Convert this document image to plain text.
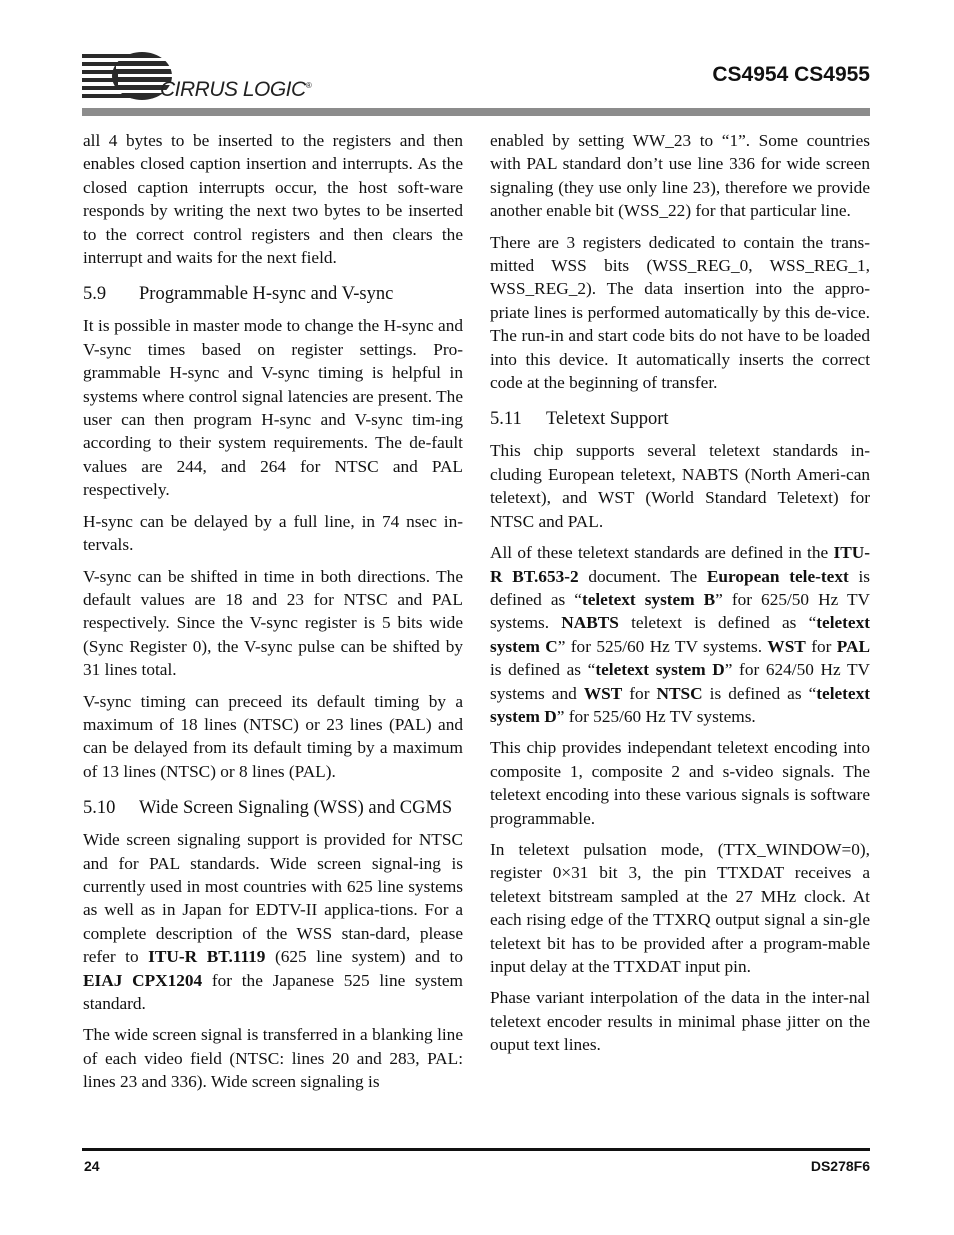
CIRRUS LOGIC®	CS4954 CS4955

all 4 bytes to be inserted to the registers and then enables closed caption insertion and interrupts. As the closed caption interrupts occur, the host soft-ware responds by writing the next two bytes to be inserted to the correct control registers and then clears the interrupt and waits for the next field.

5.9	Programmable H-sync and V-sync

It is possible in master mode to change the H-sync and V-sync times based on register settings. Pro-grammable H-sync and V-sync timing is helpful in systems where control signal latencies are present. The user can then program H-sync and V-sync tim-ing according to their system requirements. The de-fault values are 244, and 264 for NTSC and PAL respectively.

H-sync can be delayed by a full line, in 74 nsec in-tervals.

V-sync can be shifted in time in both directions. The default values are 18 and 23 for NTSC and PAL respectively. Since the V-sync register is 5 bits wide (Sync Register 0), the V-sync pulse can be shifted by 31 lines total.

V-sync timing can preceed its default timing by a maximum of 18 lines (NTSC) or 23 lines (PAL) and can be delayed from its default timing by a maximum of 13 lines (NTSC) or 8 lines (PAL).

5.10	Wide Screen Signaling (WSS) and CGMS

Wide screen signaling support is provided for NTSC and for PAL standards. Wide screen signal-ing is currently used in most countries with 625 line systems as well as in Japan for EDTV-II applica-tions. For a complete description of the WSS stan-dard, please refer to ITU-R BT.1119 (625 line system) and to EIAJ CPX1204 for the Japanese 525 line system standard.

The wide screen signal is transferred in a blanking line of each video field (NTSC: lines 20 and 283, PAL: lines 23 and 336). Wide screen signaling is

enabled by setting WW_23 to “1”. Some countries with PAL standard don’t use line 336 for wide screen signaling (they use only line 23), therefore we provide another enable bit (WSS_22) for that particular line.

There are 3 registers dedicated to contain the trans-mitted WSS bits (WSS_REG_0, WSS_REG_1, WSS_REG_2). The data insertion into the appro-priate lines is performed automatically by this de-vice. The run-in and start code bits do not have to be loaded into this device. It automatically inserts the correct code at the beginning of transfer.

5.11	Teletext Support

This chip supports several teletext standards in-cluding European teletext, NABTS (North Ameri-can teletext), and WST (World Standard Teletext) for NTSC and PAL.

All of these teletext standards are defined in the ITU-R BT.653-2 document. The European tele-text is defined as “teletext system B” for 625/50 Hz TV systems. NABTS teletext is defined as “teletext system C” for 525/60 Hz TV systems. WST for PAL is defined as “teletext system D” for 624/50 Hz TV systems and WST for NTSC is defined as “teletext system D” for 525/60 Hz TV systems.

This chip provides independant teletext encoding into composite 1, composite 2 and s-video signals. The teletext encoding into these various signals is software programmable.

In teletext pulsation mode, (TTX_WINDOW=0), register 0×31 bit 3, the pin TTXDAT receives a teletext bitstream sampled at the 27 MHz clock. At each rising edge of the TTXRQ output signal a sin-gle teletext bit has to be provided after a program-mable input delay at the TTXDAT input pin.

Phase variant interpolation of the data in the inter-nal teletext encoder results in minimal phase jitter on the ouput text lines.

24	DS278F6
